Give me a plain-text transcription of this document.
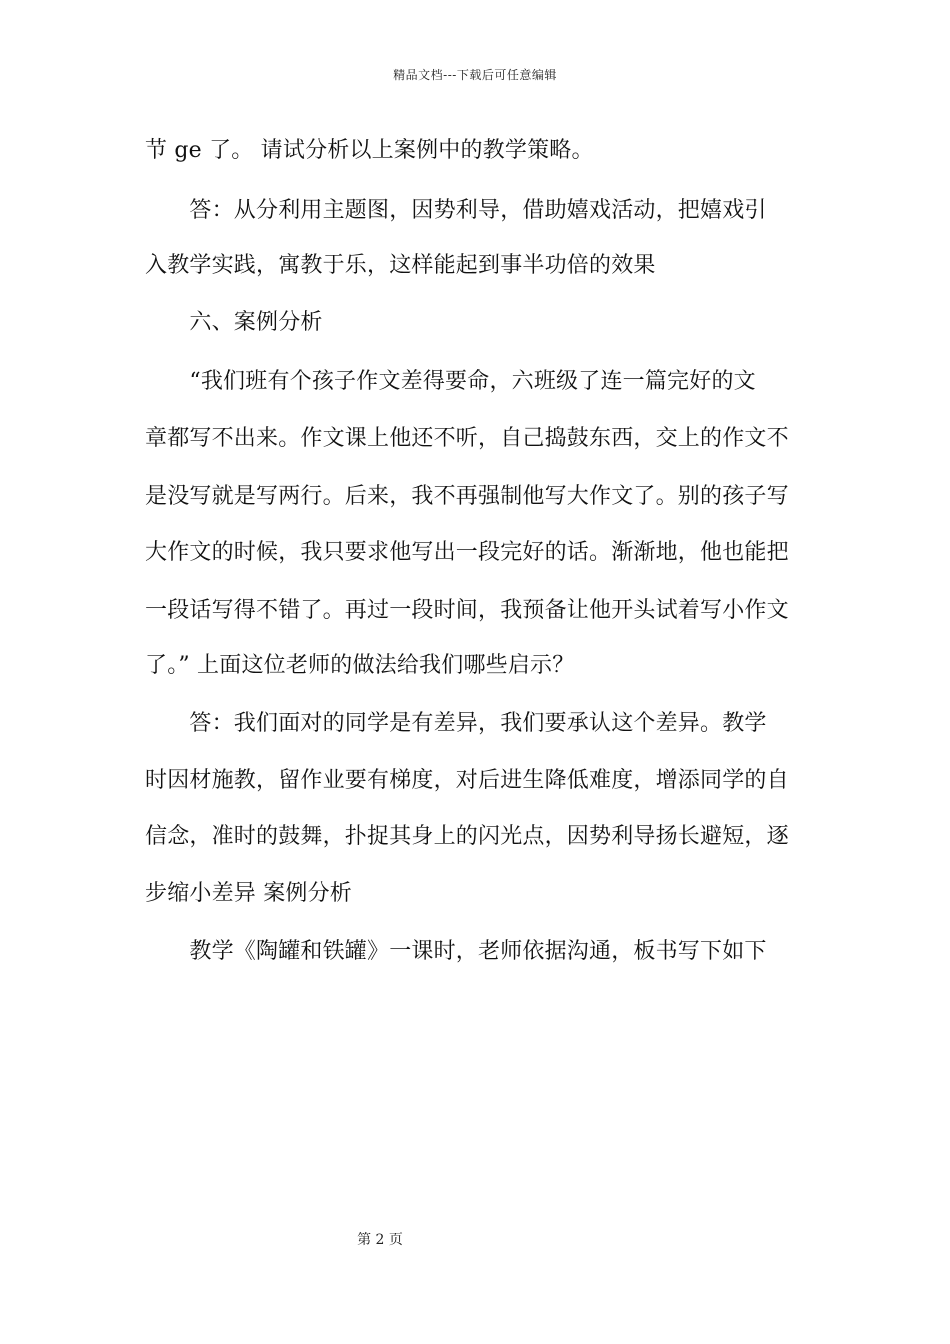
精品文档---下载后可任意编辑
节 ge 了。 请试分析以上案例中的教学策略。
　　答：从分利用主题图，因势利导，借助嬉戏活动，把嬉戏引
入教学实践，寓教于乐，这样能起到事半功倍的效果
　　六、案例分析
　　“我们班有个孩子作文差得要命，六班级了连一篇完好的文
章都写不出来。作文课上他还不听，自己捣鼓东西，交上的作文不
是没写就是写两行。后来，我不再强制他写大作文了。别的孩子写
大作文的时候，我只要求他写出一段完好的话。渐渐地，他也能把
一段话写得不错了。再过一段时间，我预备让他开头试着写小作文
了。” 上面这位老师的做法给我们哪些启示？
　　答：我们面对的同学是有差异，我们要承认这个差异。教学
时因材施教，留作业要有梯度，对后进生降低难度，增添同学的自
信念，准时的鼓舞，扑捉其身上的闪光点，因势利导扬长避短，逐
步缩小差异 案例分析
　　教学《陶罐和铁罐》一课时，老师依据沟通，板书写下如下
第 2 页
